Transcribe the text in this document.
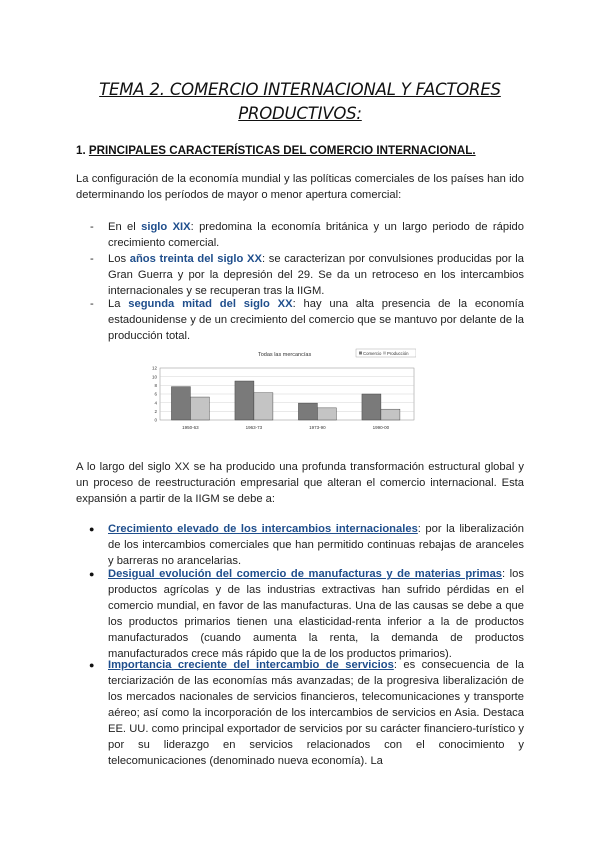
TEMA 2. COMERCIO INTERNACIONAL Y FACTORES
PRODUCTIVOS:
1. PRINCIPALES CARACTERÍSTICAS DEL COMERCIO INTERNACIONAL.
La configuración de la economía mundial y las políticas comerciales de los países han ido determinando los períodos de mayor o menor apertura comercial:
- En el siglo XIX: predomina la economía británica y un largo periodo de rápido crecimiento comercial.
- Los años treinta del siglo XX: se caracterizan por convulsiones producidas por la Gran Guerra y por la depresión del 29. Se da un retroceso en los intercambios internacionales y se recuperan tras la IIGM.
- La segunda mitad del siglo XX: hay una alta presencia de la economía estadounidense y de un crecimiento del comercio que se mantuvo por delante de la producción total.
Todas las mercancías	Comercio Producción
0
2
4
6
8
10
12
1950-63	1963-73	1973-90	1990-00
A lo largo del siglo XX se ha producido una profunda transformación estructural global y un proceso de reestructuración empresarial que alteran el comercio internacional. Esta expansión a partir de la IIGM se debe a:
● Crecimiento elevado de los intercambios internacionales: por la liberalización de los intercambios comerciales que han permitido continuas rebajas de aranceles y barreras no arancelarias.
● Desigual evolución del comercio de manufacturas y de materias primas: los productos agrícolas y de las industrias extractivas han sufrido pérdidas en el comercio mundial, en favor de las manufacturas. Una de las causas se debe a que los productos primarios tienen una elasticidad-renta inferior a la de productos manufacturados (cuando aumenta la renta, la demanda de productos manufacturados crece más rápido que la de los productos primarios).
● Importancia creciente del intercambio de servicios: es consecuencia de la terciarización de las economías más avanzadas; de la progresiva liberalización de los mercados nacionales de servicios financieros, telecomunicaciones y transporte aéreo; así como la incorporación de los intercambios de servicios en Asia. Destaca EE. UU. como principal exportador de servicios por su carácter financiero-turístico y por su liderazgo en servicios relacionados con el conocimiento y telecomunicaciones (denominado nueva economía). La
